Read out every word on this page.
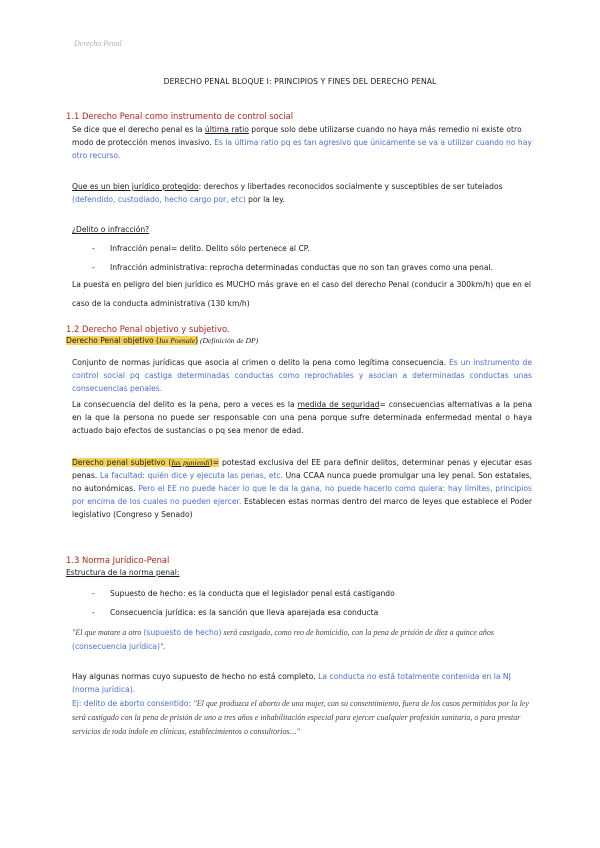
Derecho Penal
DERECHO PENAL BLOQUE I: PRINCIPIOS Y FINES DEL DERECHO PENAL
1.1 Derecho Penal como instrumento de control social
Se dice que el derecho penal es la última ratio porque solo debe utilizarse cuando no haya más remedio ni existe otro modo de protección menos invasivo. Es la última ratio pq es tan agresivo que únicamente se va a utilizar cuando no hay otro recurso.
Que es un bien jurídico protegido: derechos y libertades reconocidos socialmente y susceptibles de ser tutelados (defendido, custodiado, hecho cargo por, etc) por la ley.
¿Delito o infracción?
- Infracción penal= delito. Delito sólo pertenece al CP.
- Infracción administrativa: reprocha determinadas conductas que no son tan graves como una penal.
La puesta en peligro del bien jurídico es MUCHO más grave en el caso del derecho Penal (conducir a 300km/h) que en el caso de la conducta administrativa (130 km/h)
1.2 Derecho Penal objetivo y subjetivo.
Derecho Penal objetivo (Ius Poenale) (Definición de DP)
Conjunto de normas jurídicas que asocia al crimen o delito la pena como legítima consecuencia. Es un instrumento de control social pq castiga determinadas conductas como reprochables y asocian a determinadas conductas unas consecuencias penales.
La consecuencia del delito es la pena, pero a veces es la medida de seguridad= consecuencias alternativas a la pena en la que la persona no puede ser responsable con una pena porque sufre determinada enfermedad mental o haya actuado bajo efectos de sustancias o pq sea menor de edad.
Derecho penal subjetivo (Ius puniendi)= potestad exclusiva del EE para definir delitos, determinar penas y ejecutar esas penas. La facultad: quién dice y ejecuta las penas, etc. Una CCAA nunca puede promulgar una ley penal. Son estatales, no autonómicas. Pero el EE no puede hacer lo que le da la gana, no puede hacerlo como quiera: hay límites, principios por encima de los cuales no pueden ejercer. Establecen estas normas dentro del marco de leyes que establece el Poder legislativo (Congreso y Senado)
1.3 Norma Jurídico-Penal
Estructura de la norma penal:
- Supuesto de hecho: es la conducta que el legislador penal está castigando
- Consecuencia jurídica: es la sanción que lleva aparejada esa conducta
"El que matare a otro (supuesto de hecho) será castigado, como reo de homicidio, con la pena de prisión de diez a quince años (consecuencia jurídica)".
Hay algunas normas cuyo supuesto de hecho no está completo. La conducta no está totalmente contenida en la NJ (norma jurídica).
Ej: delito de aborto consentido: "El que produzca el aborto de una mujer, con su consentimiento, fuera de los casos permitidos por la ley será castigado con la pena de prisión de uno a tres años e inhabilitación especial para ejercer cualquier profesión sanitaria, o para prestar servicios de toda índole en clínicas, establecimientos o consultorios…"
